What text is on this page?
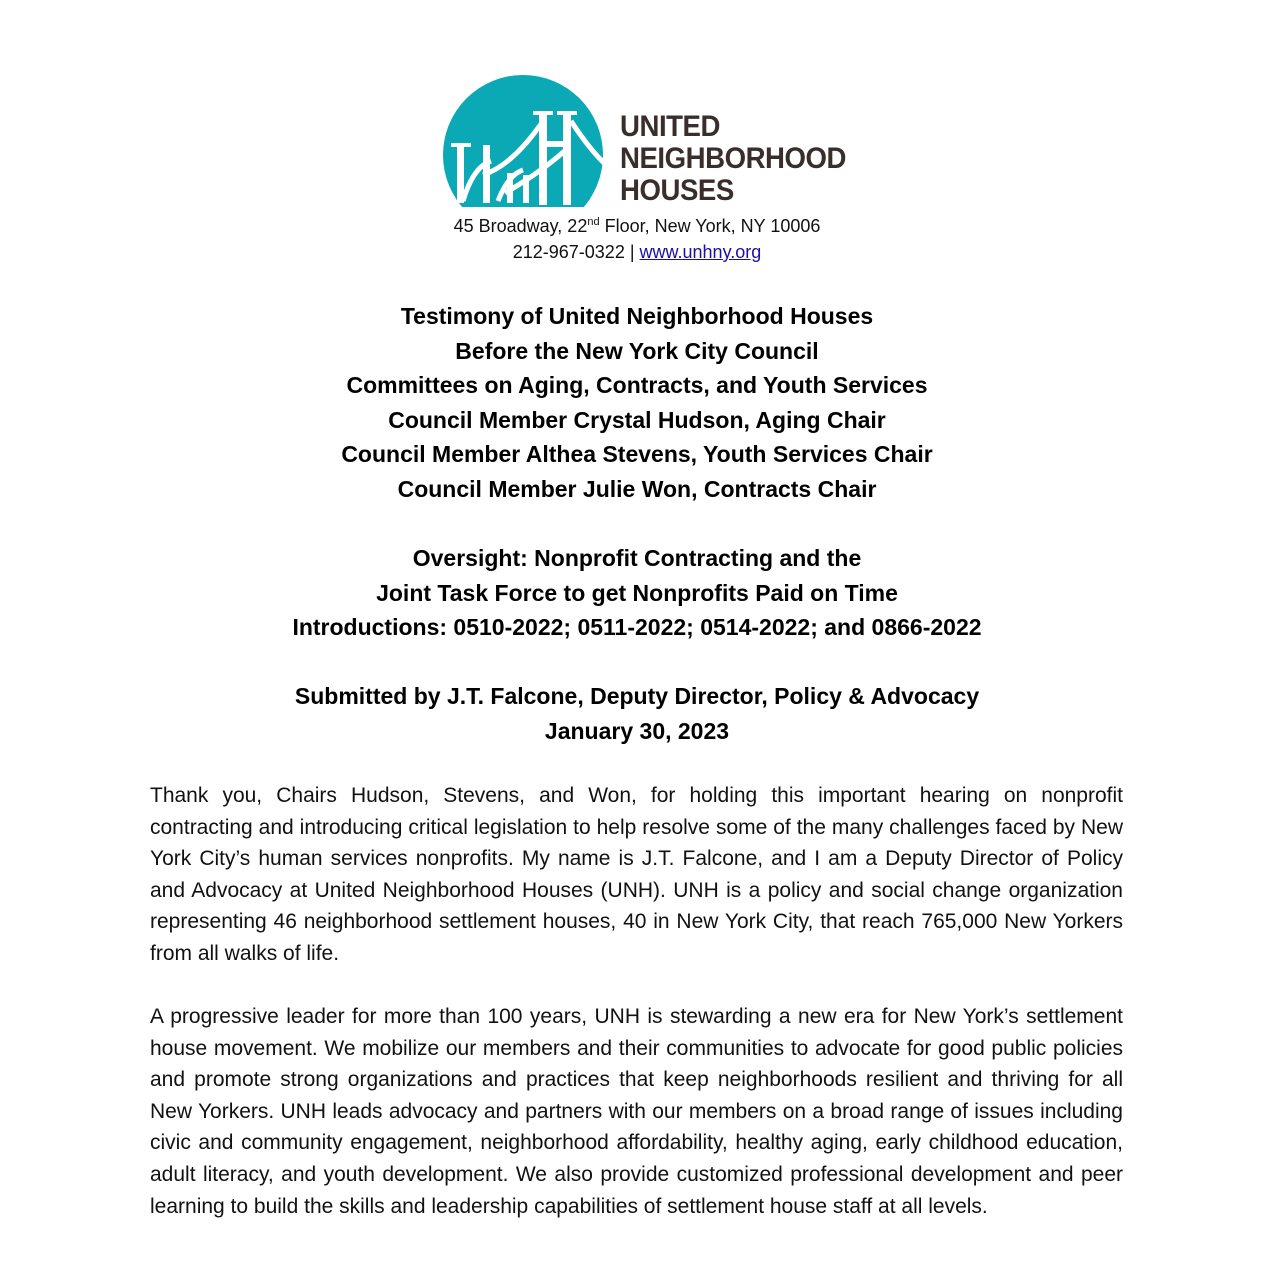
UNITED
NEIGHBORHOOD
HOUSES
45 Broadway, 22nd Floor, New York, NY 10006
212-967-0322 | www.unhny.org
Testimony of United Neighborhood Houses
Before the New York City Council
Committees on Aging, Contracts, and Youth Services
Council Member Crystal Hudson, Aging Chair
Council Member Althea Stevens, Youth Services Chair
Council Member Julie Won, Contracts Chair
Oversight: Nonprofit Contracting and the
Joint Task Force to get Nonprofits Paid on Time
Introductions: 0510-2022; 0511-2022; 0514-2022; and 0866-2022
Submitted by J.T. Falcone, Deputy Director, Policy & Advocacy
January 30, 2023
Thank you, Chairs Hudson, Stevens, and Won, for holding this important hearing on nonprofit contracting and introducing critical legislation to help resolve some of the many challenges faced by New York City’s human services nonprofits. My name is J.T. Falcone, and I am a Deputy Director of Policy and Advocacy at United Neighborhood Houses (UNH). UNH is a policy and social change organization representing 46 neighborhood settlement houses, 40 in New York City, that reach 765,000 New Yorkers from all walks of life.
A progressive leader for more than 100 years, UNH is stewarding a new era for New York’s settlement house movement. We mobilize our members and their communities to advocate for good public policies and promote strong organizations and practices that keep neighborhoods resilient and thriving for all New Yorkers. UNH leads advocacy and partners with our members on a broad range of issues including civic and community engagement, neighborhood affordability, healthy aging, early childhood education, adult literacy, and youth development. We also provide customized professional development and peer learning to build the skills and leadership capabilities of settlement house staff at all levels.
